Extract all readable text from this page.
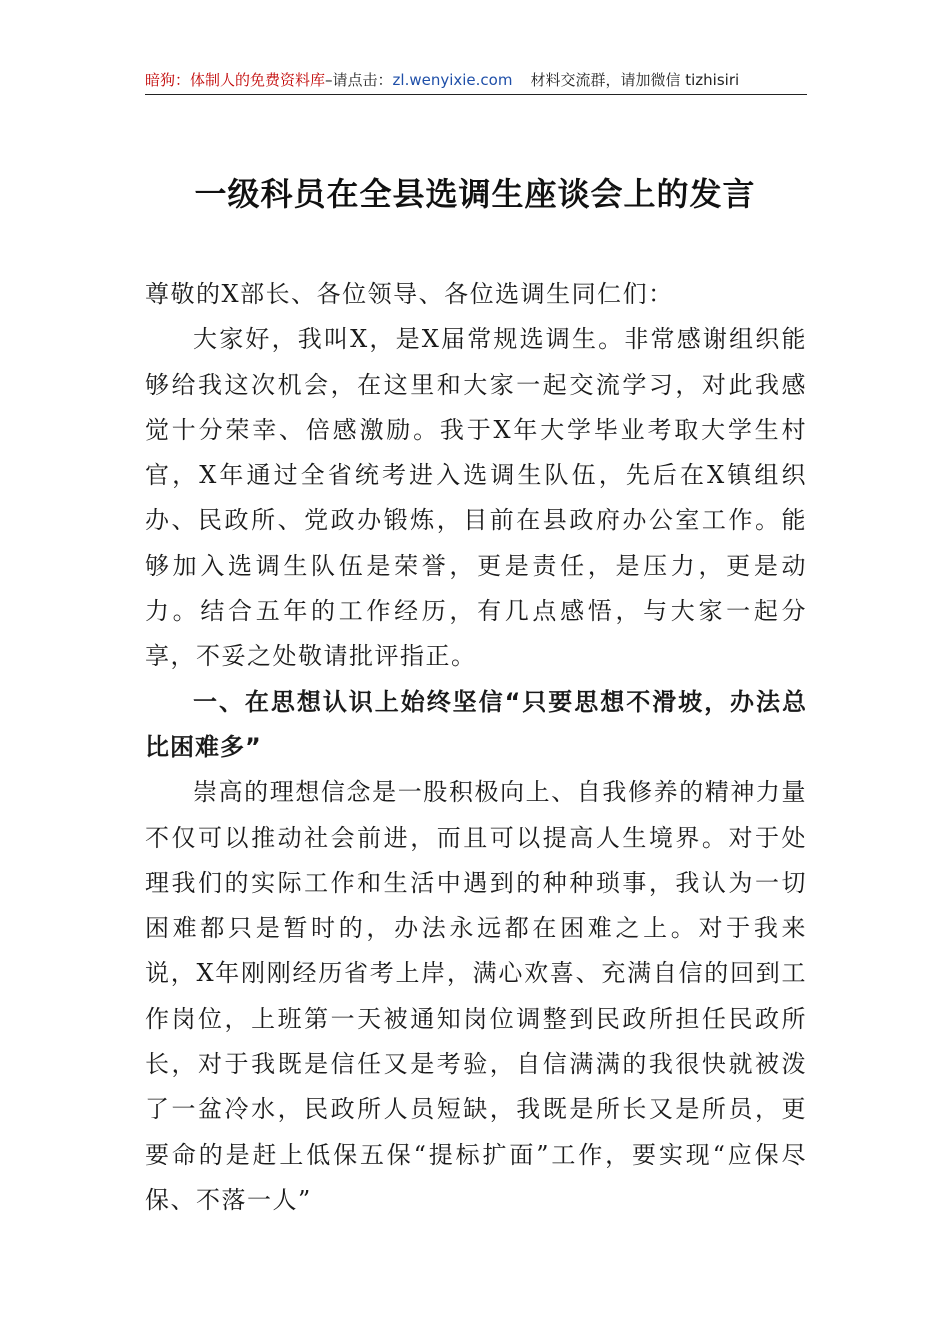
暗狗：体制人的免费资料库–请点击：zl.wenyixie.com 材料交流群，请加微信 tizhisiri
一级科员在全县选调生座谈会上的发言

尊敬的X部长、各位领导、各位选调生同仁们：

大家好，我叫X，是X届常规选调生。非常感谢组织能够给我这次机会，在这里和大家一起交流学习，对此我感觉十分荣幸、倍感激励。我于X年大学毕业考取大学生村官，X年通过全省统考进入选调生队伍，先后在X镇组织办、民政所、党政办锻炼，目前在县政府办公室工作。能够加入选调生队伍是荣誉，更是责任，是压力，更是动力。结合五年的工作经历，有几点感悟，与大家一起分享，不妥之处敬请批评指正。

一、在思想认识上始终坚信“只要思想不滑坡，办法总比困难多”

崇高的理想信念是一股积极向上、自我修养的精神力量不仅可以推动社会前进，而且可以提高人生境界。对于处理我们的实际工作和生活中遇到的种种琐事，我认为一切困难都只是暂时的，办法永远都在困难之上。对于我来说，X年刚刚经历省考上岸，满心欢喜、充满自信的回到工作岗位，上班第一天被通知岗位调整到民政所担任民政所长，对于我既是信任又是考验，自信满满的我很快就被泼了一盆冷水，民政所人员短缺，我既是所长又是所员，更要命的是赶上低保五保“提标扩面”工作，要实现“应保尽保、不落一人”
